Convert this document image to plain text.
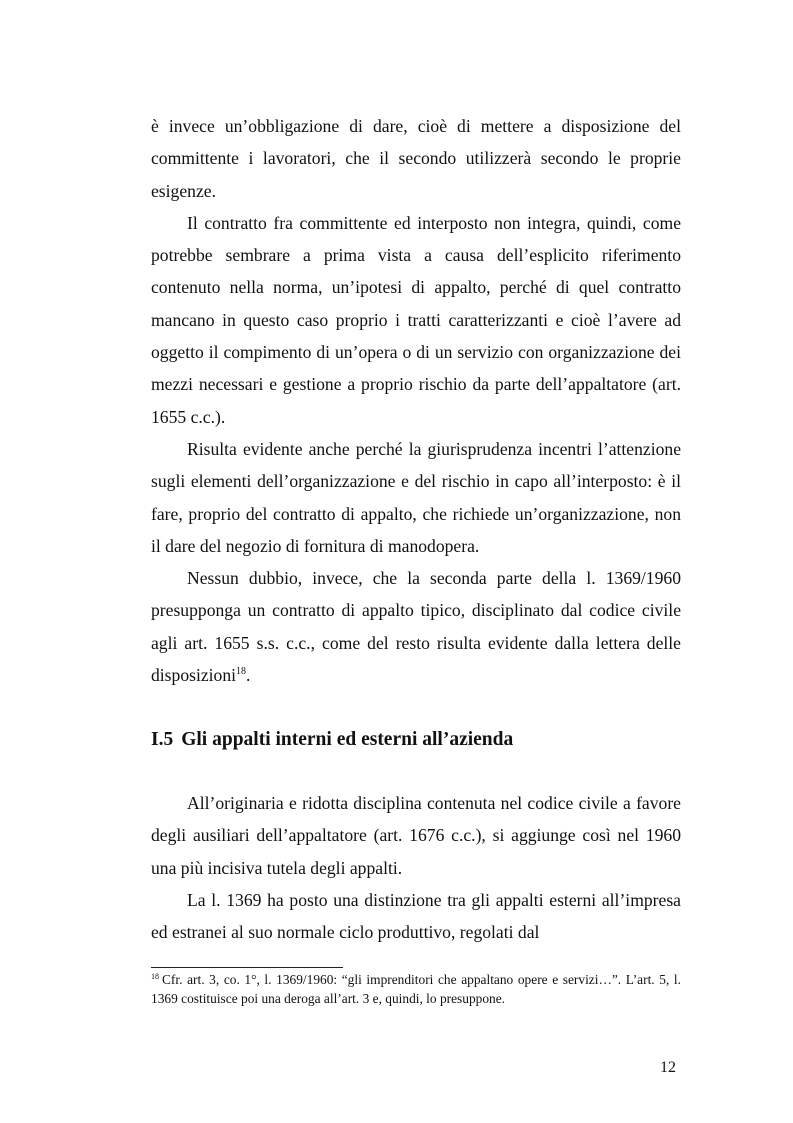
è invece un’obbligazione di dare, cioè di mettere a disposizione del committente i lavoratori, che il secondo utilizzerà secondo le proprie esigenze.

Il contratto fra committente ed interposto non integra, quindi, come potrebbe sembrare a prima vista a causa dell’esplicito riferimento contenuto nella norma, un’ipotesi di appalto, perché di quel contratto mancano in questo caso proprio i tratti caratterizzanti e cioè l’avere ad oggetto il compimento di un’opera o di un servizio con organizzazione dei mezzi necessari e gestione a proprio rischio da parte dell’appaltatore (art. 1655 c.c.).

Risulta evidente anche perché la giurisprudenza incentri l’attenzione sugli elementi dell’organizzazione e del rischio in capo all’interposto: è il fare, proprio del contratto di appalto, che richiede un’organizzazione, non il dare del negozio di fornitura di manodopera.

Nessun dubbio, invece, che la seconda parte della l. 1369/1960 presupponga un contratto di appalto tipico, disciplinato dal codice civile agli art. 1655 s.s. c.c., come del resto risulta evidente dalla lettera delle disposizioni$^{18}$.

I.5 Gli appalti interni ed esterni all’azienda

All’originaria e ridotta disciplina contenuta nel codice civile a favore degli ausiliari dell’appaltatore (art. 1676 c.c.), si aggiunge così nel 1960 una più incisiva tutela degli appalti.

La l. 1369 ha posto una distinzione tra gli appalti esterni all’impresa ed estranei al suo normale ciclo produttivo, regolati dal

$^{18}$ Cfr. art. 3, co. 1°, l. 1369/1960: “gli imprenditori che appaltano opere e servizi…”. L’art. 5, l. 1369 costituisce poi una deroga all’art. 3 e, quindi, lo presuppone.
12
